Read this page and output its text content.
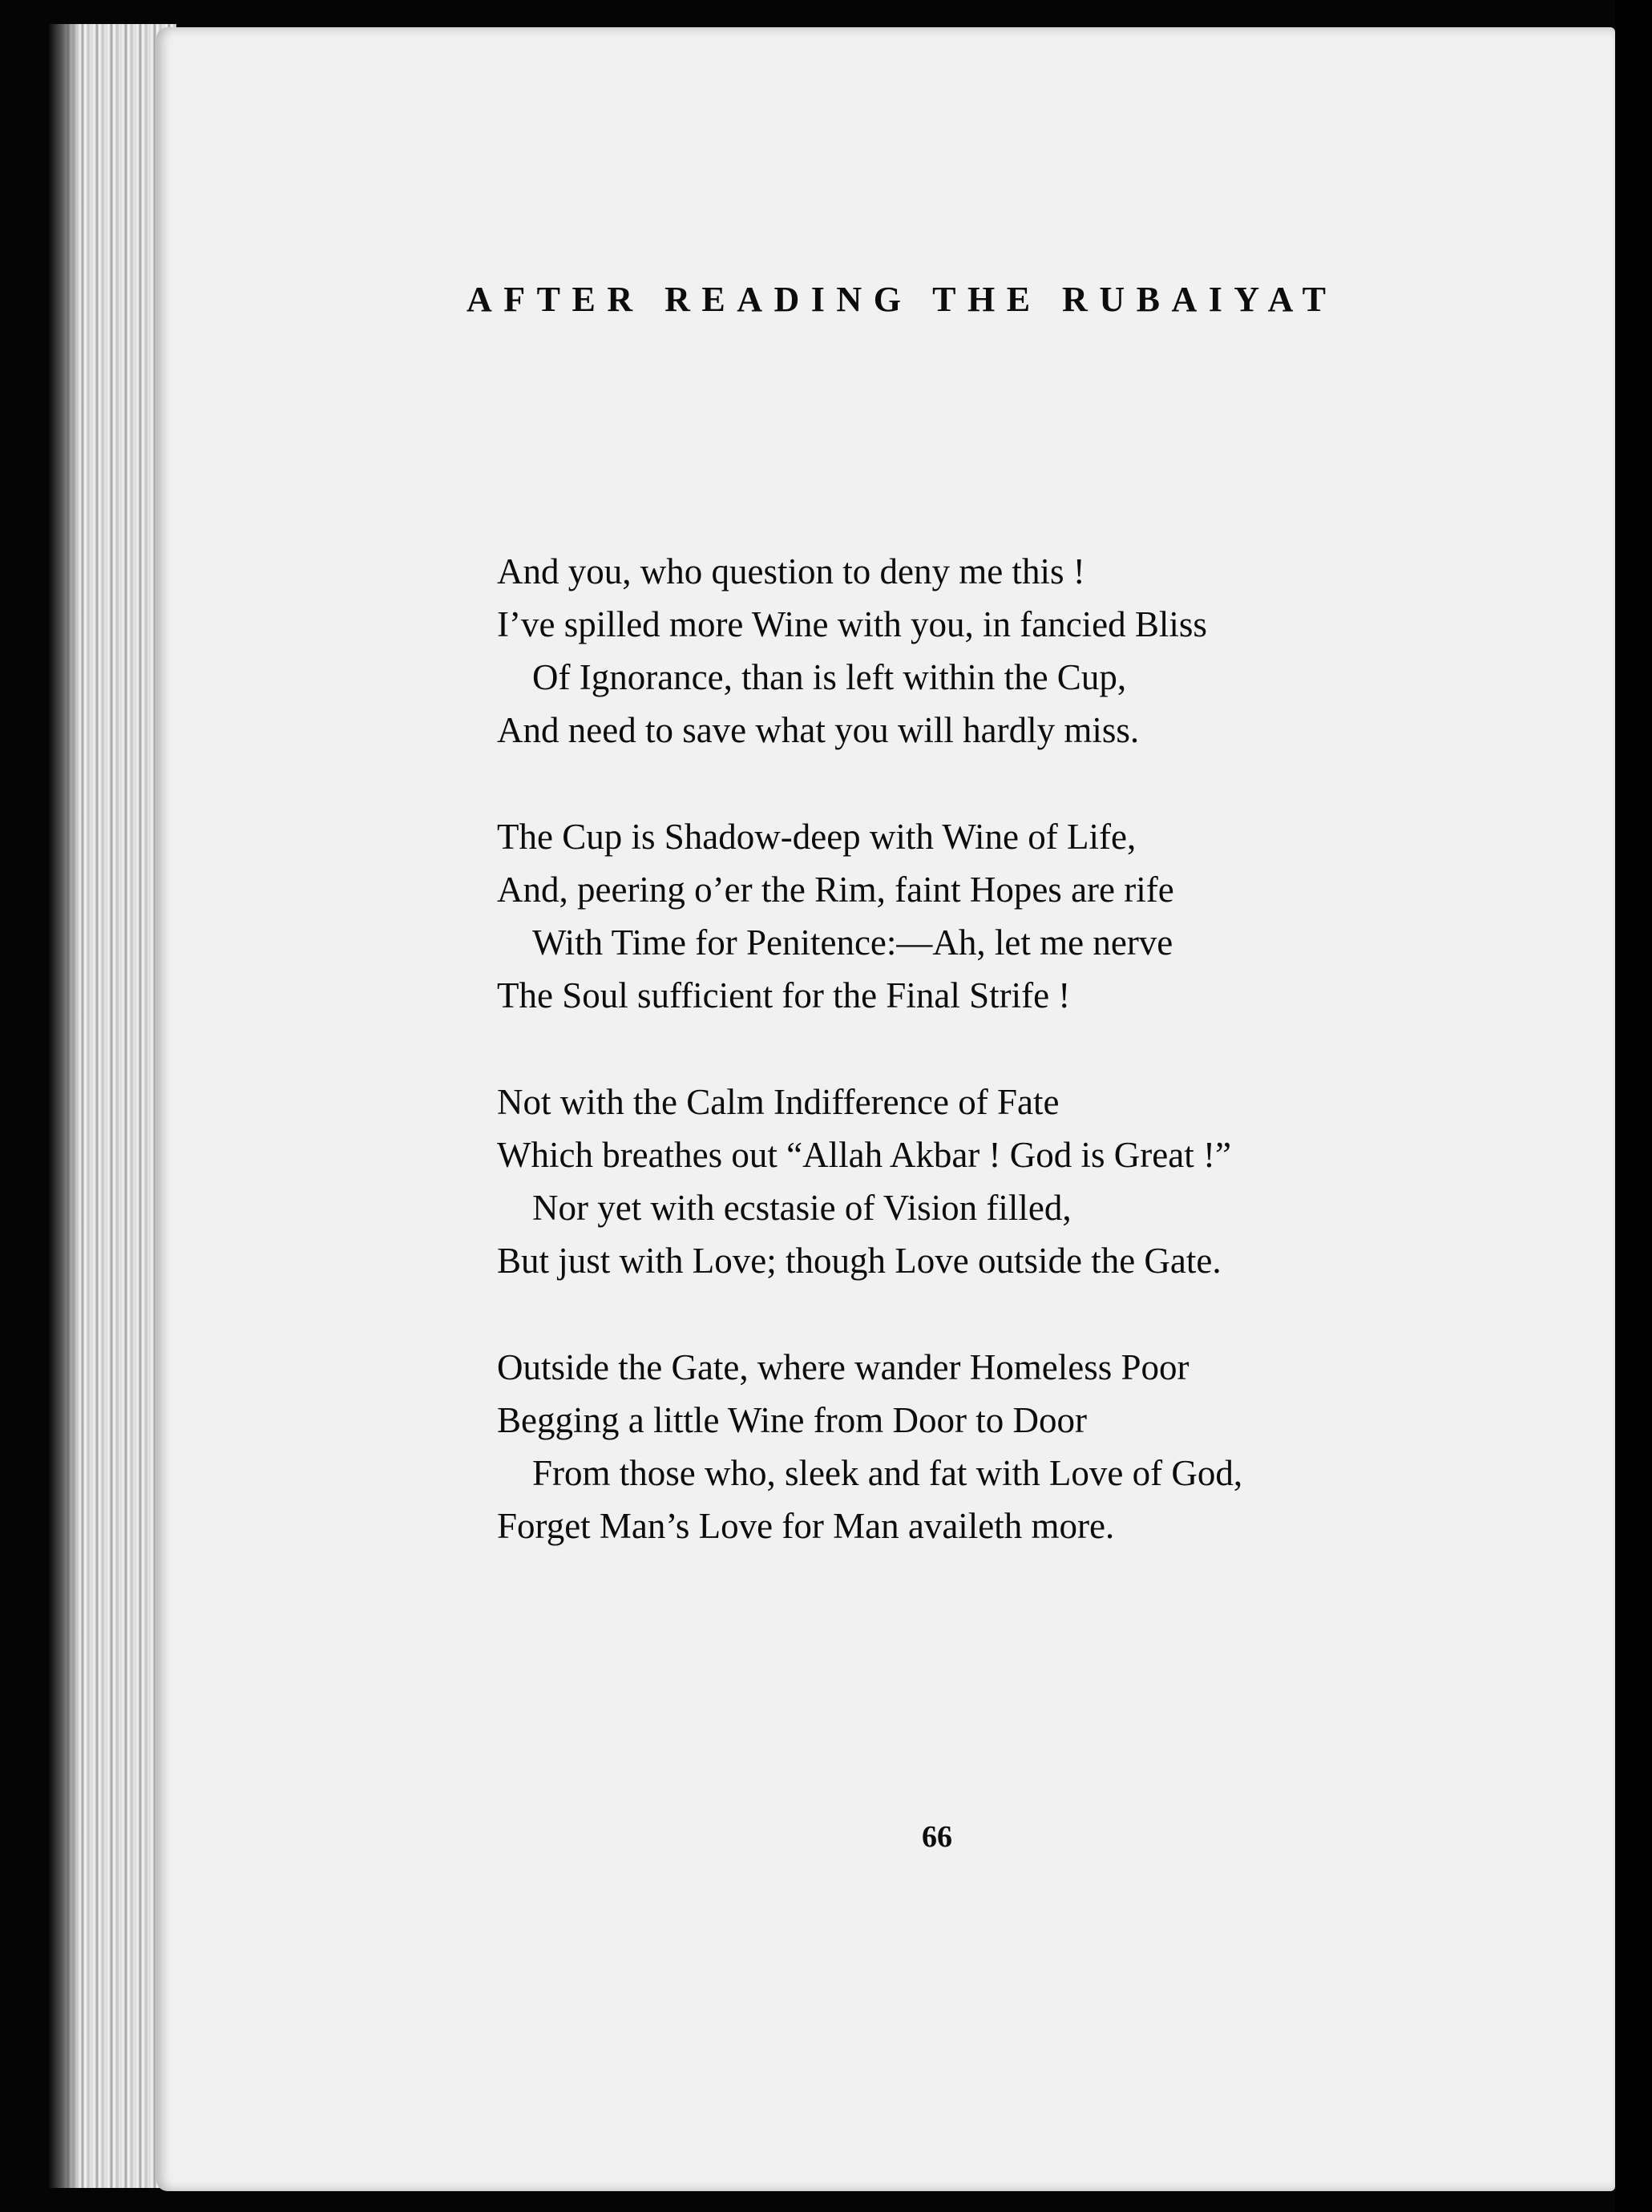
AFTER READING THE RUBAIYAT
And you, who question to deny me this !
I’ve spilled more Wine with you, in fancied Bliss
Of Ignorance, than is left within the Cup,
And need to save what you will hardly miss.
The Cup is Shadow-deep with Wine of Life,
And, peering o’er the Rim, faint Hopes are rife
With Time for Penitence:—Ah, let me nerve
The Soul sufficient for the Final Strife !
Not with the Calm Indifference of Fate
Which breathes out “Allah Akbar ! God is Great !”
Nor yet with ecstasie of Vision filled,
But just with Love; though Love outside the Gate.
Outside the Gate, where wander Homeless Poor
Begging a little Wine from Door to Door
From those who, sleek and fat with Love of God,
Forget Man’s Love for Man availeth more.
66
